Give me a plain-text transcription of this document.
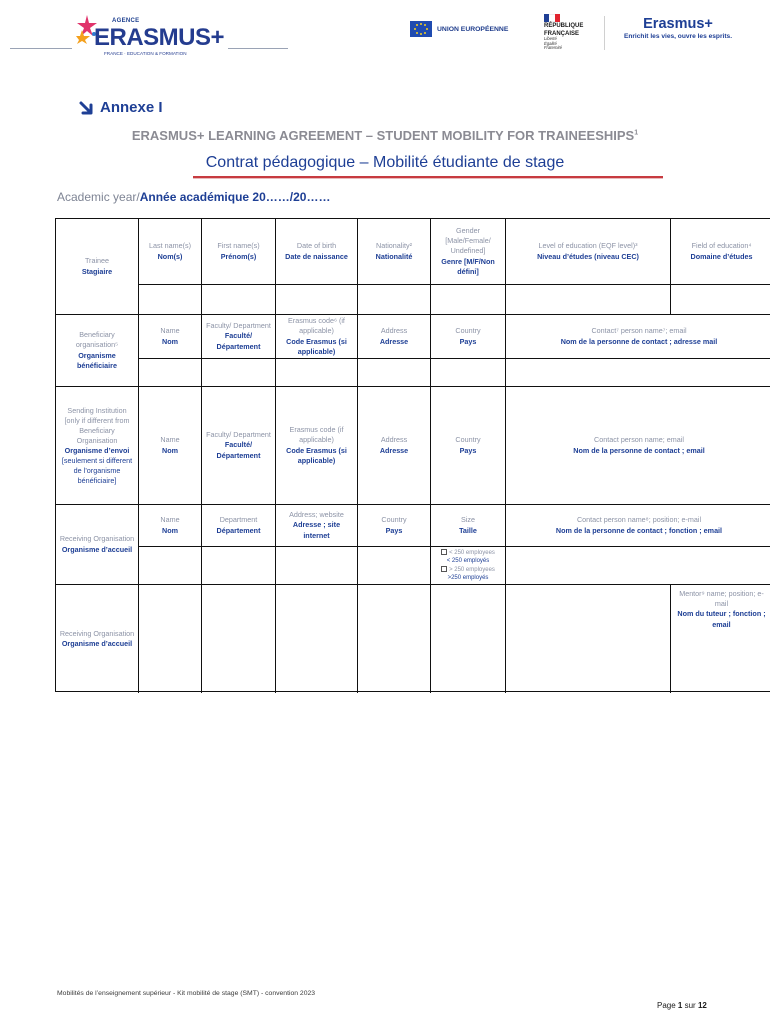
AGENCE
ERASMUS+
FRANCE · EDUCATION & FORMATION
UNION EUROPÉENNE	RÉPUBLIQUE
FRANÇAISE
Liberté
Égalité
Fraternité
Erasmus+
Enrichit les vies, ouvre les esprits.
Annexe I
ERASMUS+ LEARNING AGREEMENT – STUDENT MOBILITY FOR TRAINEESHIPS$^1$
Contrat pédagogique – Mobilité étudiante de stage
Academic year/Année académique 20……/20……
Trainee
Stagiaire
Last name(s)
Nom(s)
First name(s)
Prénom(s)
Date of birth
Date de naissance
Nationality²
Nationalité
Gender [Male/Female/ Undefined]
Genre [M/F/Non défini]
Level of education (EQF level)³
Niveau d’études (niveau CEC)
Field of education⁴
Domaine d’études
Beneficiary organisation⁵
Organisme bénéficiaire
Name
Nom
Faculty/ Department
Faculté/ Département
Erasmus code⁶ (if applicable)
Code Erasmus (si applicable)
Address
Adresse
Country
Pays
Contact⁷ person name⁷; email
Nom de la personne de contact ; adresse mail
Sending Institution [only if different from Beneficiary Organisation
Organisme d’envoi
[seulement si different de l’organisme bénéficiaire]
Name
Nom
Faculty/ Department
Faculté/ Département
Erasmus code (if applicable)
Code Erasmus (si applicable)
Address
Adresse
Country
Pays
Contact person name; email
Nom de la personne de contact ; email
Receiving Organisation
Organisme d’accueil
Name
Nom
Department
Département
Address; website
Adresse ; site internet
Country
Pays
Size
Taille
Contact person name⁸; position; e-mail
Nom de la personne de contact ; fonction ; email
< 250 employees
< 250 employés
> 250 employees
>250 employés
Receiving Organisation
Organisme d’accueil
Mentor⁹ name; position; e-mail
Nom du tuteur ; fonction ; email
Mobilités de l’enseignement supérieur - Kit mobilité de stage (SMT) - convention 2023
Page 1 sur 12
